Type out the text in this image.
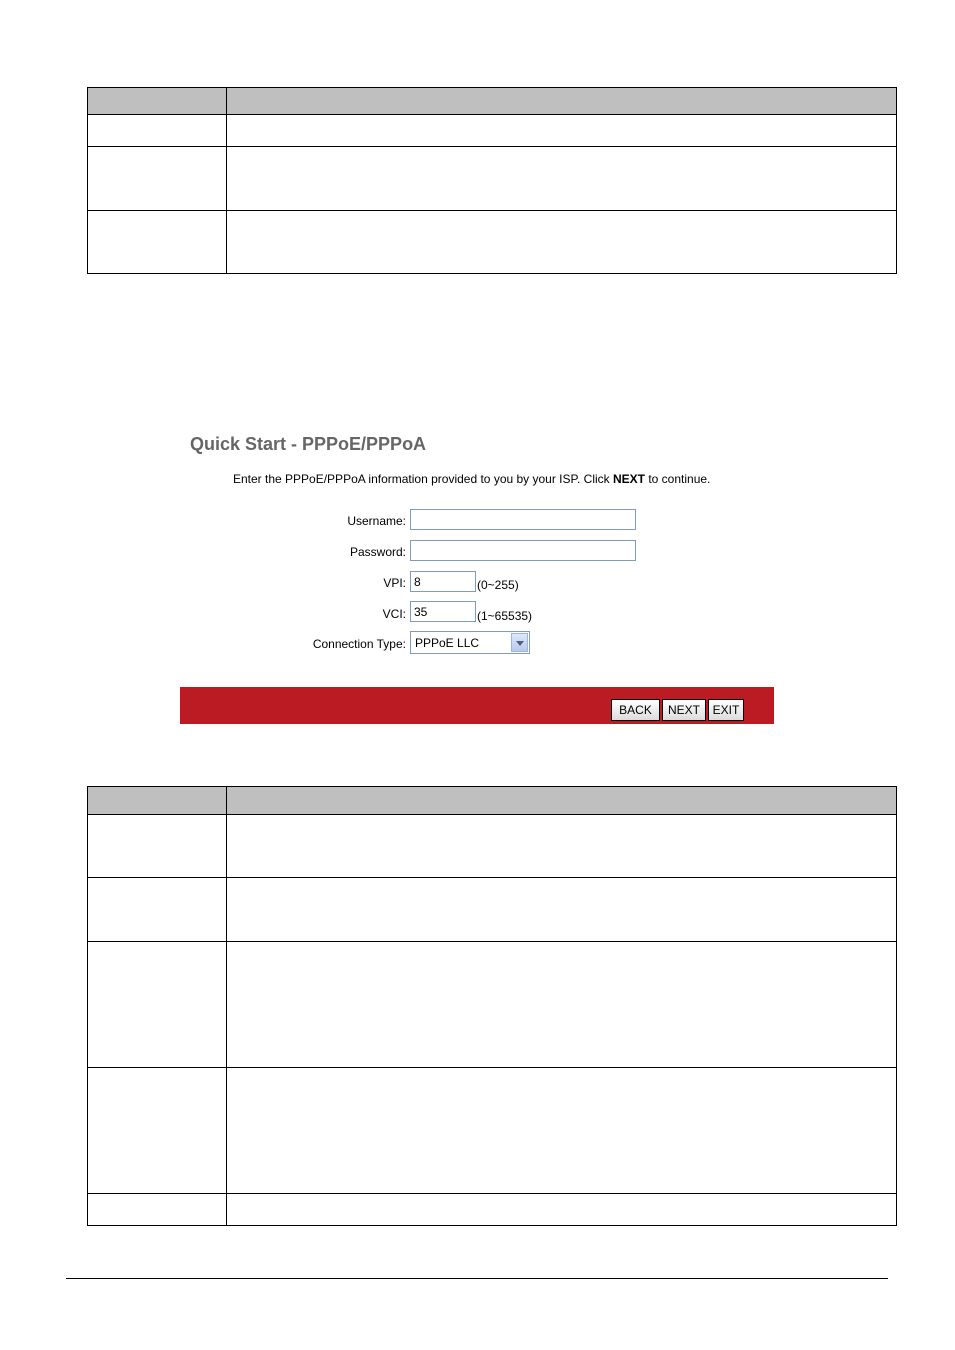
Quick Start - PPPoE/PPPoA
Enter the PPPoE/PPPoA information provided to you by your ISP. Click NEXT to continue.
Username:
Password:
VPI:
8	(0~255)
VCI:
35	(1~65535)
Connection Type: PPPoE LLC
BACK	NEXT	EXIT
